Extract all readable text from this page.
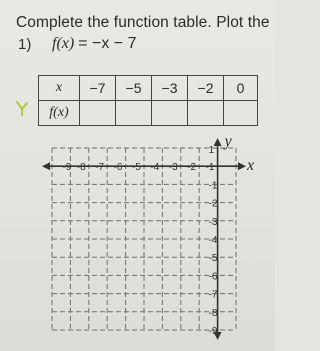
Complete the function table. Plot the
1) f(x) = −x − 7
x	−7	−5	−3	−2	0
f(x)					
-9 -8 -7 -6 -5 -4 -3 -2 -1
1
-1
-2
-3
-4
-5
-6
-7
-8
-9
y
x
